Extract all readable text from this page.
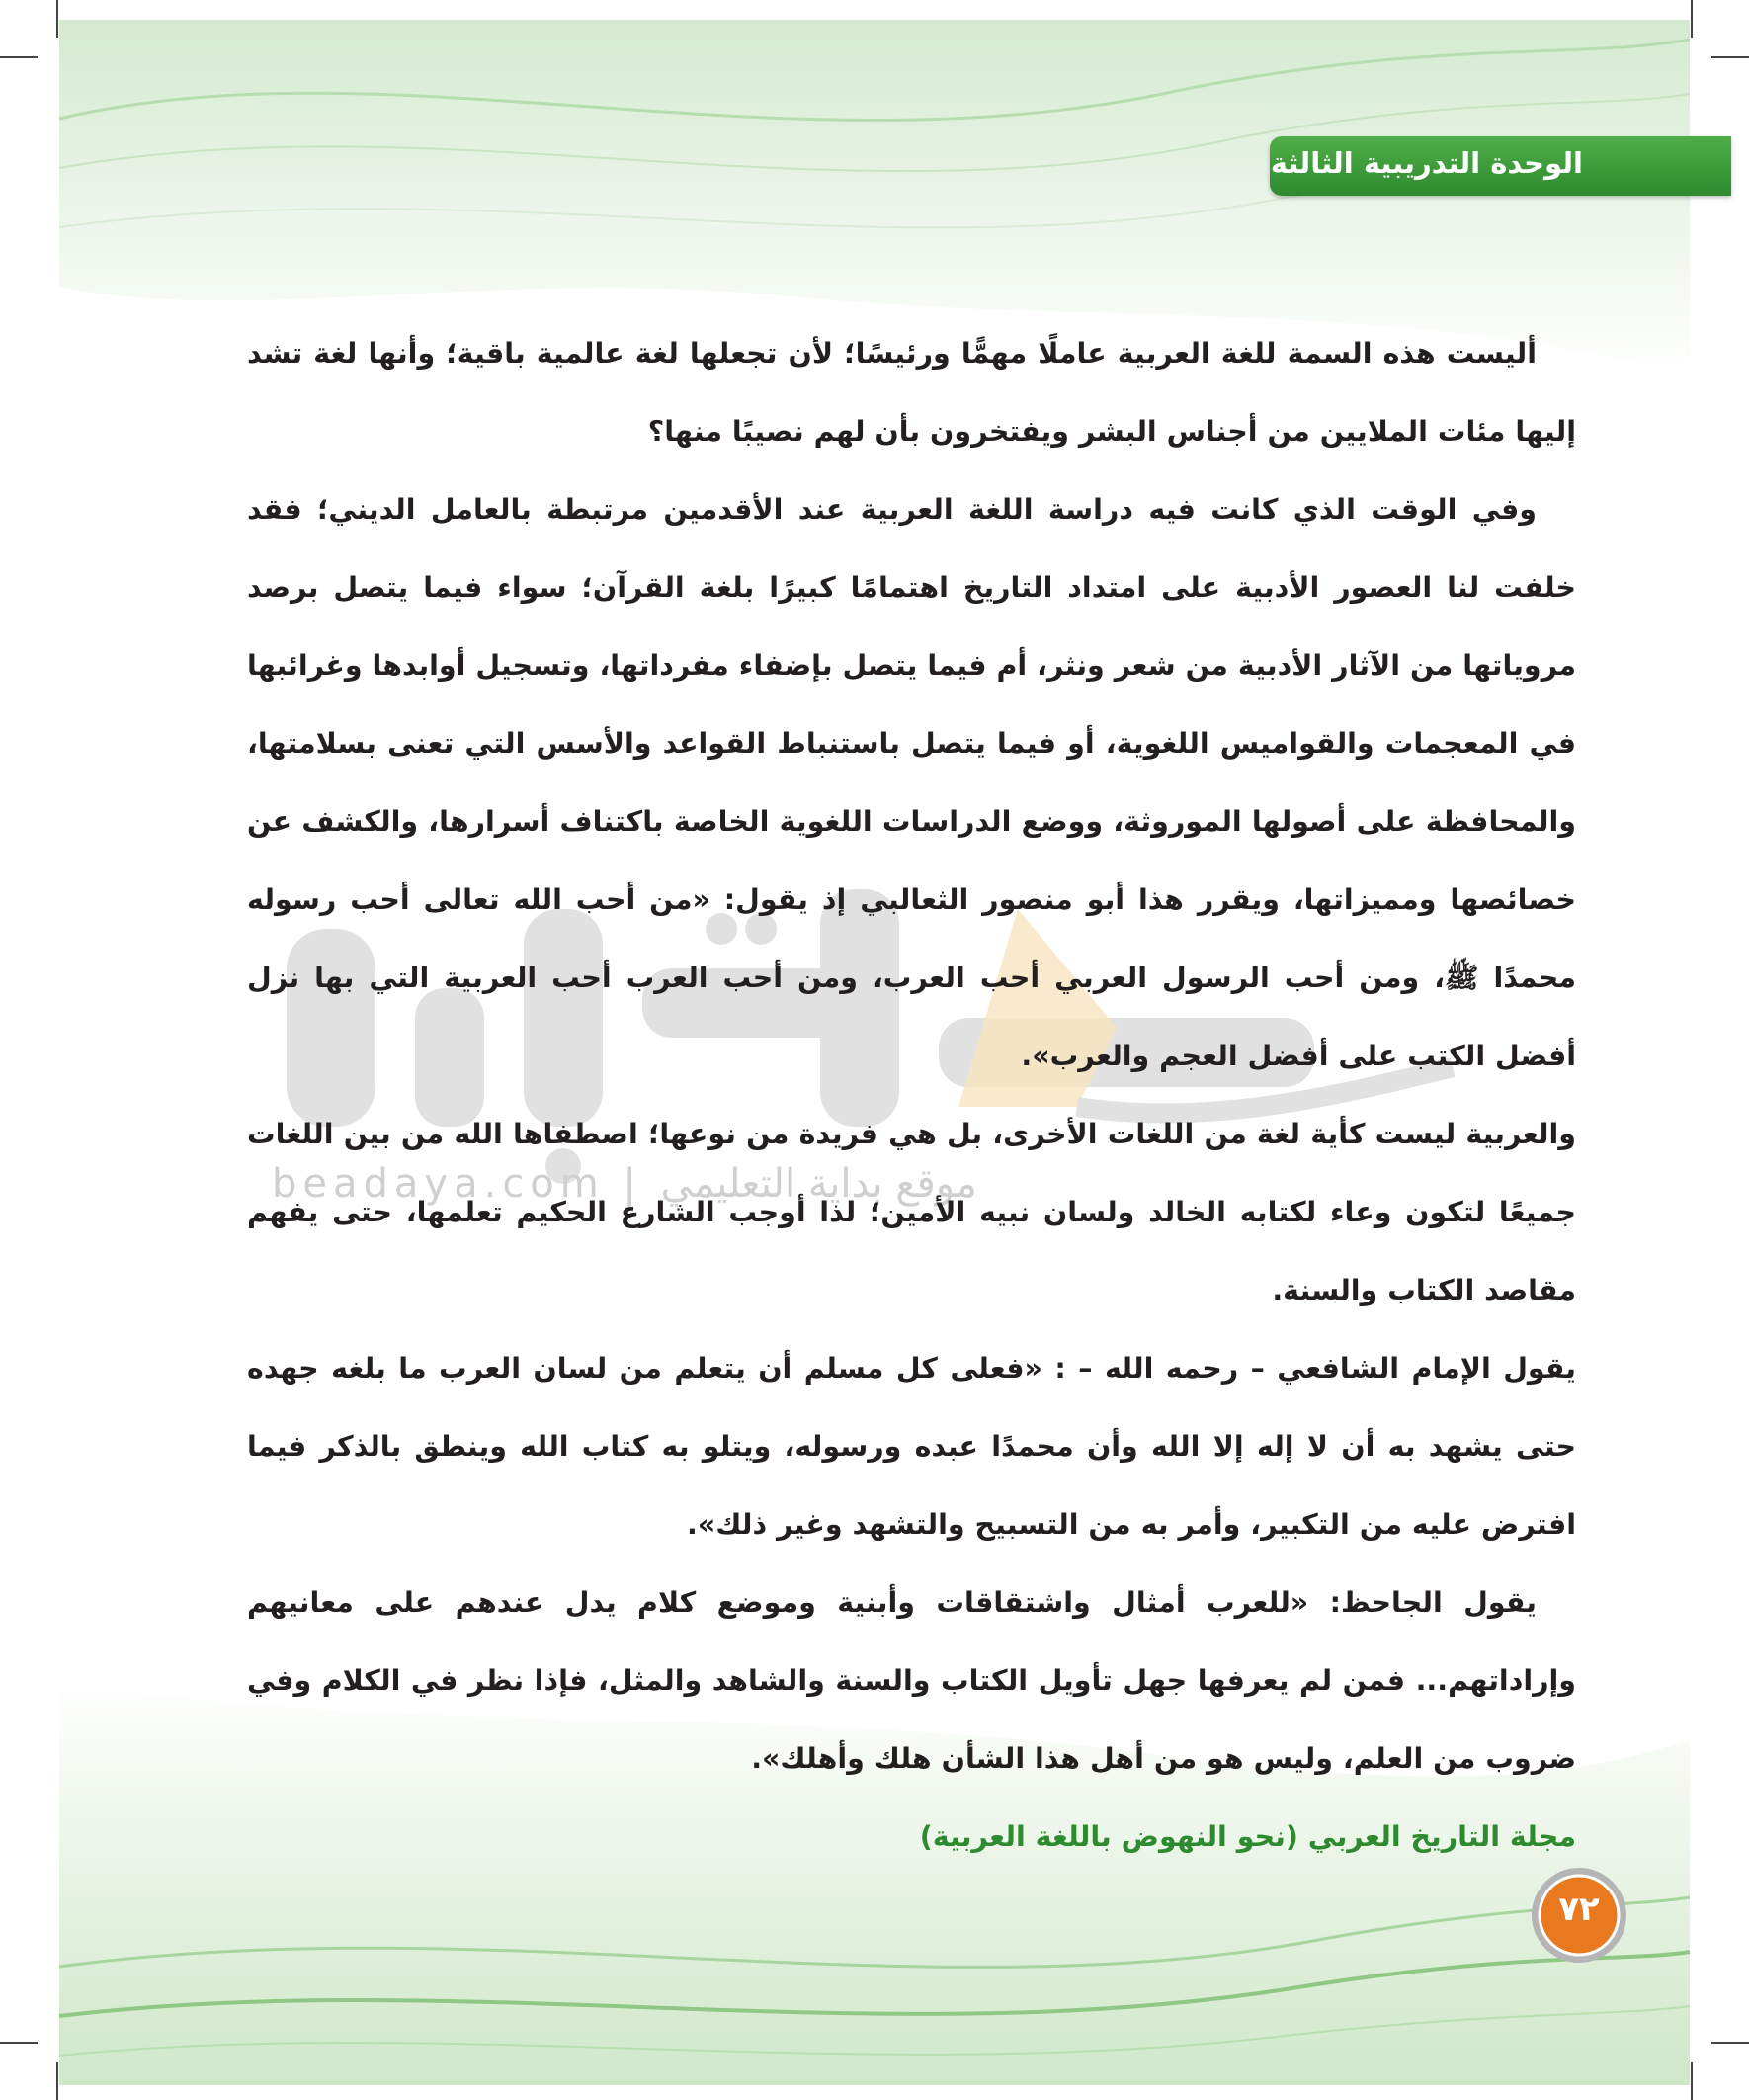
الوحدة التدريبية الثالثة
beadaya.com | موقع بداية التعليمي

أليست هذه السمة للغة العربية عاملًا مهمًّا ورئيسًا؛ لأن تجعلها لغة عالمية باقية؛ وأنها لغة تشد إليها مئات الملايين من أجناس البشر ويفتخرون بأن لهم نصيبًا منها؟

وفي الوقت الذي كانت فيه دراسة اللغة العربية عند الأقدمين مرتبطة بالعامل الديني؛ فقد خلفت لنا العصور الأدبية على امتداد التاريخ اهتمامًا كبيرًا بلغة القرآن؛ سواء فيما يتصل برصد مروياتها من الآثار الأدبية من شعر ونثر، أم فيما يتصل بإضفاء مفرداتها، وتسجيل أوابدها وغرائبها في المعجمات والقواميس اللغوية، أو فيما يتصل باستنباط القواعد والأسس التي تعنى بسلامتها، والمحافظة على أصولها الموروثة، ووضع الدراسات اللغوية الخاصة باكتناف أسرارها، والكشف عن خصائصها ومميزاتها، ويقرر هذا أبو منصور الثعالبي إذ يقول: «من أحب الله تعالى أحب رسوله محمدًا ﷺ، ومن أحب الرسول العربي أحب العرب، ومن أحب العرب أحب العربية التي بها نزل أفضل الكتب على أفضل العجم والعرب».

والعربية ليست كأية لغة من اللغات الأخرى، بل هي فريدة من نوعها؛ اصطفاها الله من بين اللغات جميعًا لتكون وعاء لكتابه الخالد ولسان نبيه الأمين؛ لذا أوجب الشارع الحكيم تعلمها، حتى يفهم مقاصد الكتاب والسنة.

يقول الإمام الشافعي – رحمه الله – : «فعلى كل مسلم أن يتعلم من لسان العرب ما بلغه جهده حتى يشهد به أن لا إله إلا الله وأن محمدًا عبده ورسوله، ويتلو به كتاب الله وينطق بالذكر فيما افترض عليه من التكبير، وأمر به من التسبيح والتشهد وغير ذلك».

يقول الجاحظ: «للعرب أمثال واشتقاقات وأبنية وموضع كلام يدل عندهم على معانيهم وإراداتهم... فمن لم يعرفها جهل تأويل الكتاب والسنة والشاهد والمثل، فإذا نظر في الكلام وفي ضروب من العلم، وليس هو من أهل هذا الشأن هلك وأهلك».

مجلة التاريخ العربي (نحو النهوض باللغة العربية)

٧٢
